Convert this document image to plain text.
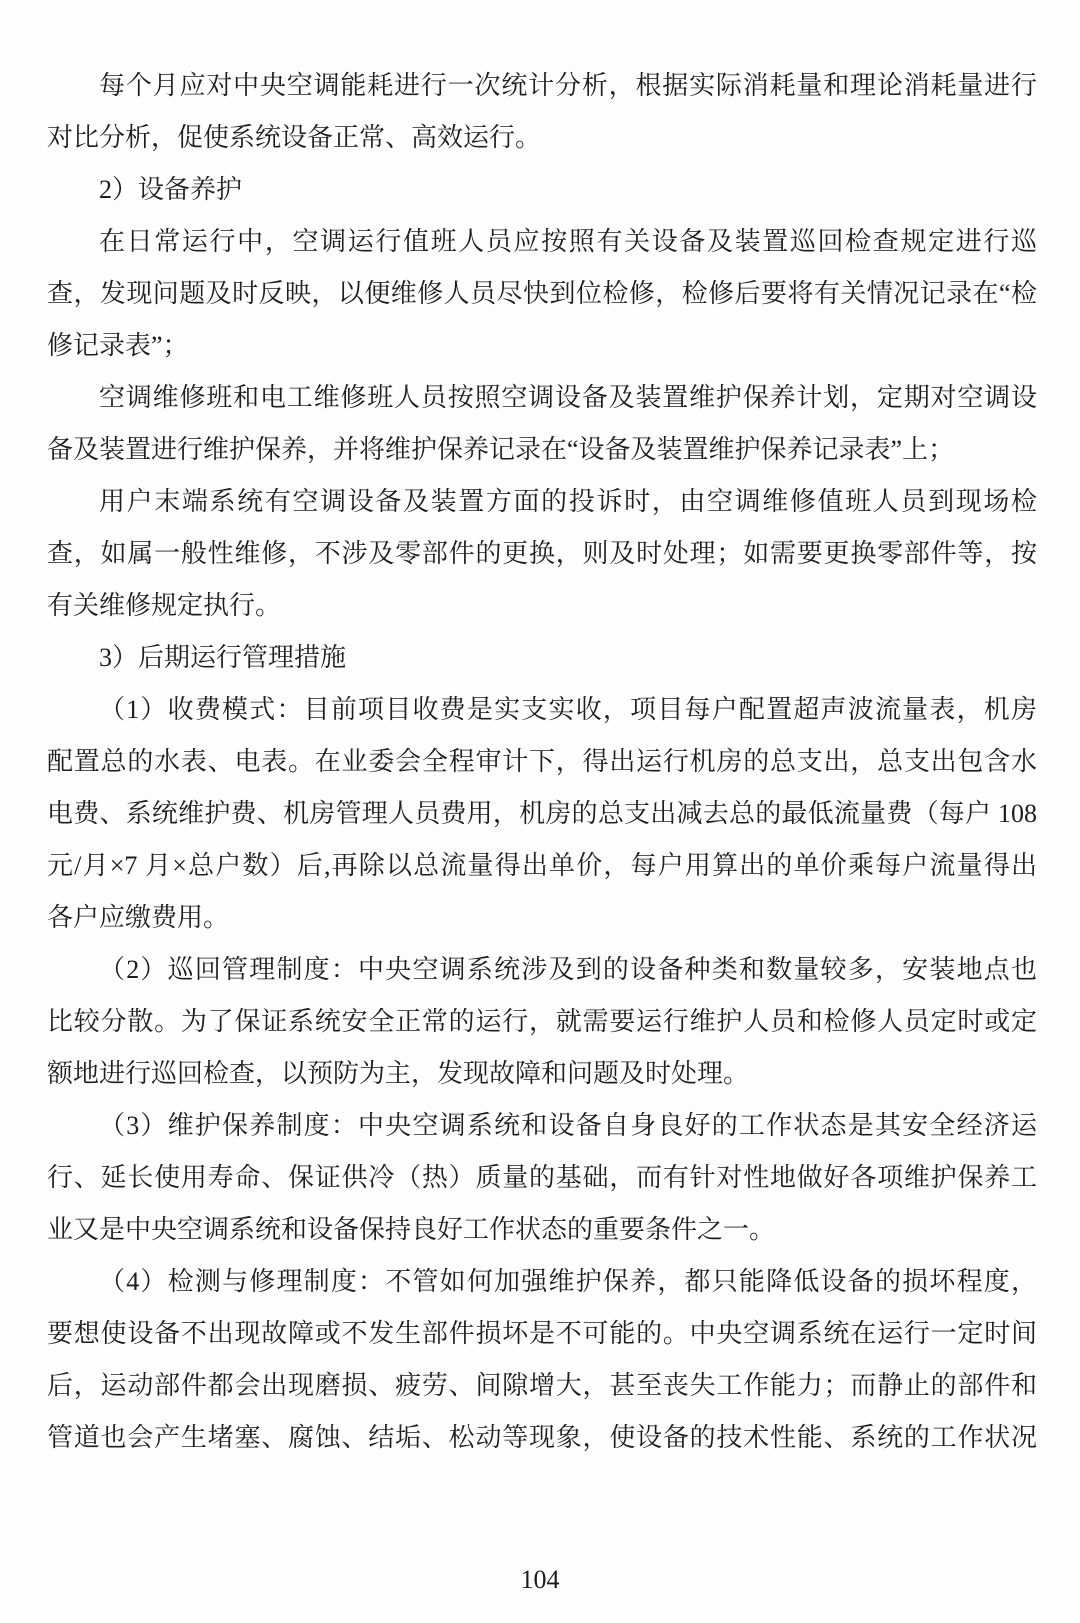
每个月应对中央空调能耗进行一次统计分析，根据实际消耗量和理论消耗量进行
对比分析，促使系统设备正常、高效运行。
2）设备养护
在日常运行中，空调运行值班人员应按照有关设备及装置巡回检查规定进行巡
查，发现问题及时反映，以便维修人员尽快到位检修，检修后要将有关情况记录在“检
修记录表”；
空调维修班和电工维修班人员按照空调设备及装置维护保养计划，定期对空调设
备及装置进行维护保养，并将维护保养记录在“设备及装置维护保养记录表”上；
用户末端系统有空调设备及装置方面的投诉时，由空调维修值班人员到现场检
查，如属一般性维修，不涉及零部件的更换，则及时处理；如需要更换零部件等，按
有关维修规定执行。
3）后期运行管理措施
（1）收费模式：目前项目收费是实支实收，项目每户配置超声波流量表，机房
配置总的水表、电表。在业委会全程审计下，得出运行机房的总支出，总支出包含水
电费、系统维护费、机房管理人员费用，机房的总支出减去总的最低流量费（每户 108
元/月×7 月×总户数）后,再除以总流量得出单价，每户用算出的单价乘每户流量得出
各户应缴费用。
（2）巡回管理制度：中央空调系统涉及到的设备种类和数量较多，安装地点也
比较分散。为了保证系统安全正常的运行，就需要运行维护人员和检修人员定时或定
额地进行巡回检查，以预防为主，发现故障和问题及时处理。
（3）维护保养制度：中央空调系统和设备自身良好的工作状态是其安全经济运
行、延长使用寿命、保证供冷（热）质量的基础，而有针对性地做好各项维护保养工
业又是中央空调系统和设备保持良好工作状态的重要条件之一。
（4）检测与修理制度：不管如何加强维护保养，都只能降低设备的损坏程度，
要想使设备不出现故障或不发生部件损坏是不可能的。中央空调系统在运行一定时间
后，运动部件都会出现磨损、疲劳、间隙增大，甚至丧失工作能力；而静止的部件和
管道也会产生堵塞、腐蚀、结垢、松动等现象，使设备的技术性能、系统的工作状况
104
